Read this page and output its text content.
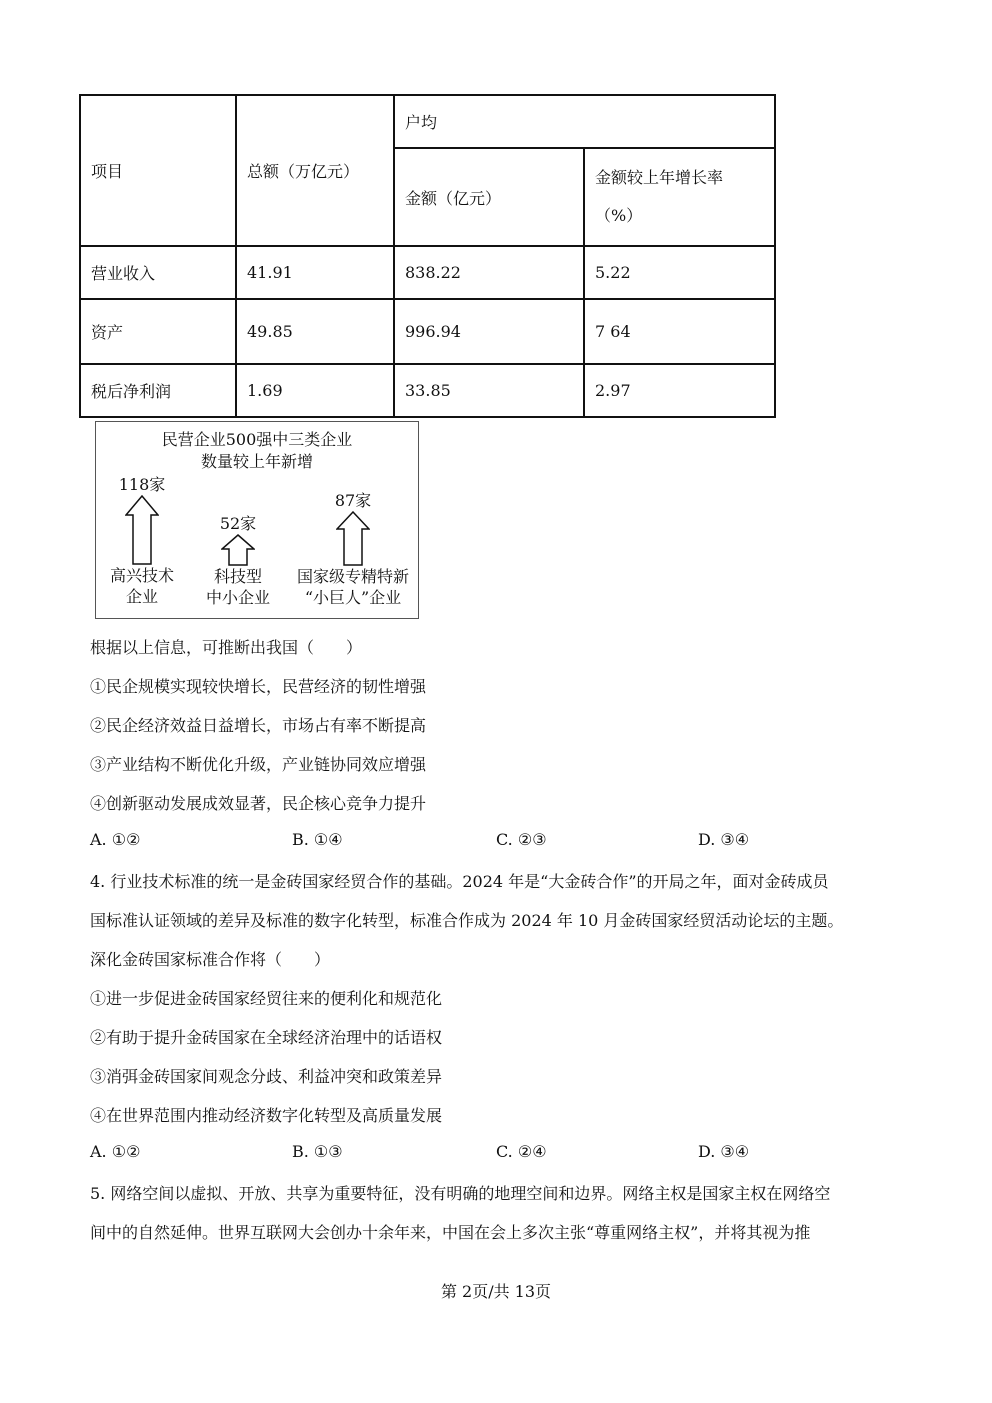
项目	总额（万亿元）	户均	
		金额（亿元）	金额较上年增长率
（%）
营业收入	41.91	838.22	5.22
资产	49.85	996.94	7 64
税后净利润	1.69	33.85	2.97
民营企业500强中三类企业
数量较上年新增
118家
高兴技术
企业
52家
科技型
中小企业
87家
国家级专精特新
“小巨人”企业
根据以上信息，可推断出我国（　　）
①民企规模实现较快增长，民营经济的韧性增强
②民企经济效益日益增长，市场占有率不断提高
③产业结构不断优化升级，产业链协同效应增强
④创新驱动发展成效显著，民企核心竞争力提升
A. ①②	B. ①④	C. ②③	D. ③④
4. 行业技术标准的统一是金砖国家经贸合作的基础。2024 年是“大金砖合作”的开局之年，面对金砖成员
国标准认证领域的差异及标准的数字化转型，标准合作成为 2024 年 10 月金砖国家经贸活动论坛的主题。
深化金砖国家标准合作将（　　）
①进一步促进金砖国家经贸往来的便利化和规范化
②有助于提升金砖国家在全球经济治理中的话语权
③消弭金砖国家间观念分歧、利益冲突和政策差异
④在世界范围内推动经济数字化转型及高质量发展
A. ①②	B. ①③	C. ②④	D. ③④
5. 网络空间以虚拟、开放、共享为重要特征，没有明确的地理空间和边界。网络主权是国家主权在网络空
间中的自然延伸。世界互联网大会创办十余年来，中国在会上多次主张“尊重网络主权”，并将其视为推
第 2页/共 13页
